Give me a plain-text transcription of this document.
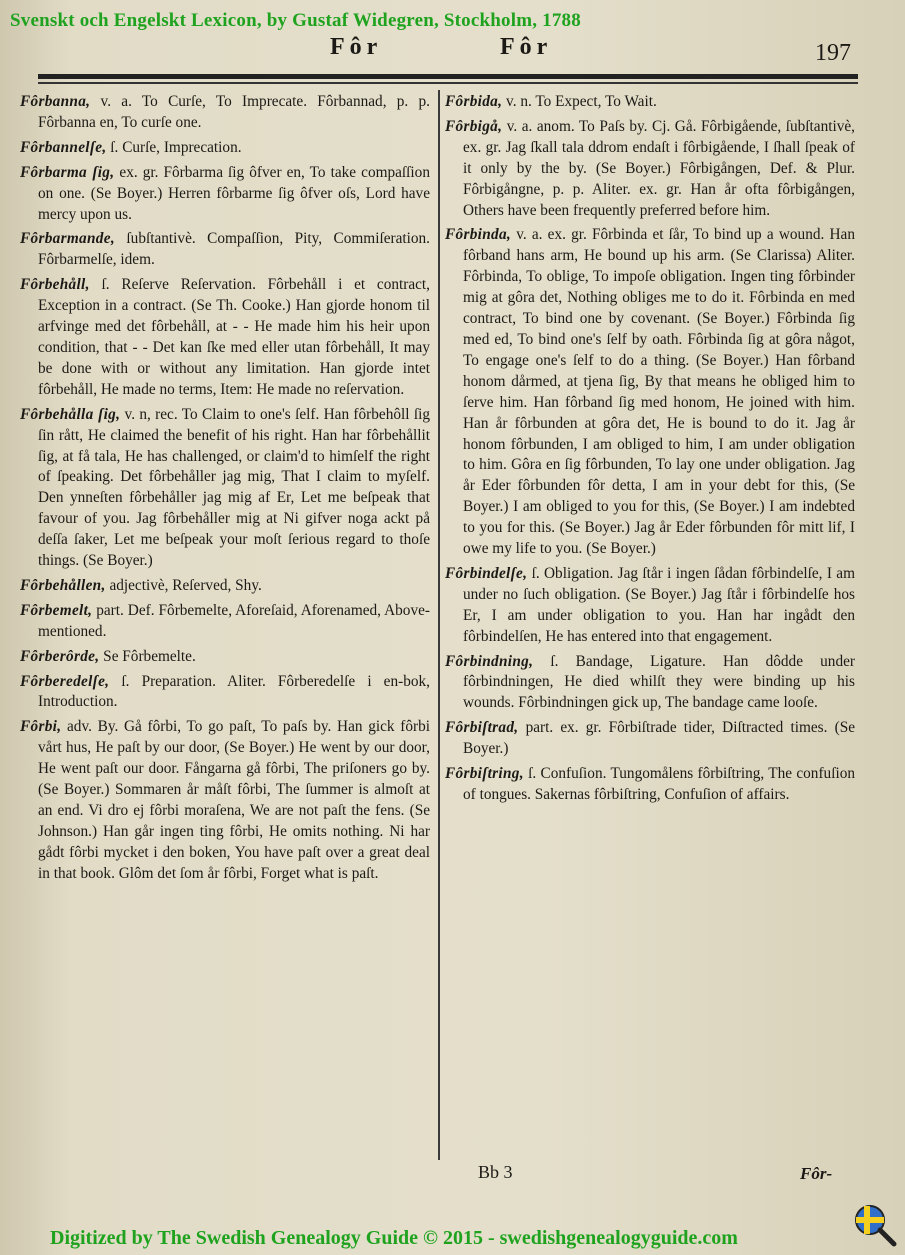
Svenskt och Engelskt Lexicon, by Gustaf Widegren, Stockholm, 1788
Fôr	Fôr	197
Fôrbanna, v. a. To Curſe, To Imprecate. Fôrbannad, p. p. Fôrbanna en, To curſe one.
Fôrbannelſe, ſ. Curſe, Imprecation.
Fôrbarma ſig, ex. gr. Fôrbarma ſig ôfver en, To take compaſſion on one. (Se Boyer.) Herren fôrbarme ſig ôfver oſs, Lord have mercy upon us.
Fôrbarmande, ſubſtantivè. Compaſſion, Pity, Commiſeration. Fôrbarmelſe, idem.
Fôrbehåll, ſ. Reſerve Reſervation. Fôrbehåll i et contract, Exception in a contract. (Se Th. Cooke.) Han gjorde honom til arfvinge med det fôrbehåll, at - - He made him his heir upon condition, that - - Det kan ſke med eller utan fôrbehåll, It may be done with or without any limitation. Han gjorde intet fôrbehåll, He made no terms, Item: He made no reſervation.
Fôrbehålla ſig, v. n, rec. To Claim to one's ſelf. Han fôrbehôll ſig ſin rått, He claimed the benefit of his right. Han har fôrbehållit ſig, at få tala, He has challenged, or claim'd to himſelf the right of ſpeaking. Det fôrbehåller jag mig, That I claim to myſelf. Den ynneſten fôrbehåller jag mig af Er, Let me beſpeak that favour of you. Jag fôrbehåller mig at Ni gifver noga ackt på deſſa ſaker, Let me beſpeak your moſt ſerious regard to thoſe things. (Se Boyer.)
Fôrbehållen, adjectivè, Reſerved, Shy.
Fôrbemelt, part. Def. Fôrbemelte, Aforeſaid, Aforenamed, Above-mentioned.
Fôrberôrde, Se Fôrbemelte.
Fôrberedelſe, ſ. Preparation. Aliter. Fôrberedelſe i en-bok, Introduction.
Fôrbi, adv. By. Gå fôrbi, To go paſt, To paſs by. Han gick fôrbi vårt hus, He paſt by our door, (Se Boyer.) He went by our door, He went paſt our door. Fångarna gå fôrbi, The priſoners go by. (Se Boyer.) Sommaren år måſt fôrbi, The ſummer is almoſt at an end. Vi dro ej fôrbi moraſena, We are not paſt the fens. (Se Johnson.) Han går ingen ting fôrbi, He omits nothing. Ni har gådt fôrbi mycket i den boken, You have paſt over a great deal in that book. Glôm det ſom år fôrbi, Forget what is paſt.
Fôrbida, v. n. To Expect, To Wait.
Fôrbigå, v. a. anom. To Paſs by. Cj. Gå. Fôrbigående, ſubſtantivè, ex. gr. Jag ſkall tala ddrom endaſt i fôrbigående, I ſhall ſpeak of it only by the by. (Se Boyer.) Fôrbigången, Def. & Plur. Fôrbigångne, p. p. Aliter. ex. gr. Han år ofta fôrbigången, Others have been frequently preferred before him.
Fôrbinda, v. a. ex. gr. Fôrbinda et ſår, To bind up a wound. Han fôrband hans arm, He bound up his arm. (Se Clarissa) Aliter. Fôrbinda, To oblige, To impoſe obligation. Ingen ting fôrbinder mig at gôra det, Nothing obliges me to do it. Fôrbinda en med contract, To bind one by covenant. (Se Boyer.) Fôrbinda ſig med ed, To bind one's ſelf by oath. Fôrbinda ſig at gôra något, To engage one's ſelf to do a thing. (Se Boyer.) Han fôrband honom dårmed, at tjena ſig, By that means he obliged him to ſerve him. Han fôrband ſig med honom, He joined with him. Han år fôrbunden at gôra det, He is bound to do it. Jag år honom fôrbunden, I am obliged to him, I am under obligation to him. Gôra en ſig fôrbunden, To lay one under obligation. Jag år Eder fôrbunden fôr detta, I am in your debt for this, (Se Boyer.) I am obliged to you for this, (Se Boyer.) I am indebted to you for this. (Se Boyer.) Jag år Eder fôrbunden fôr mitt lif, I owe my life to you. (Se Boyer.)
Fôrbindelſe, ſ. Obligation. Jag ſtår i ingen ſådan fôrbindelſe, I am under no ſuch obligation. (Se Boyer.) Jag ſtår i fôrbindelſe hos Er, I am under obligation to you. Han har ingådt den fôrbindelſen, He has entered into that engagement.
Fôrbindning, ſ. Bandage, Ligature. Han dôdde under fôrbindningen, He died whilſt they were binding up his wounds. Fôrbindningen gick up, The bandage came looſe.
Fôrbiſtrad, part. ex. gr. Fôrbiſtrade tider, Diſtracted times. (Se Boyer.)
Fôrbiſtring, ſ. Confuſion. Tungomålens fôrbiſtring, The confuſion of tongues. Sakernas fôrbiſtring, Confuſion of affairs.
Bb 3	Fôr-
Digitized by The Swedish Genealogy Guide © 2015 - swedishgenealogyguide.com
